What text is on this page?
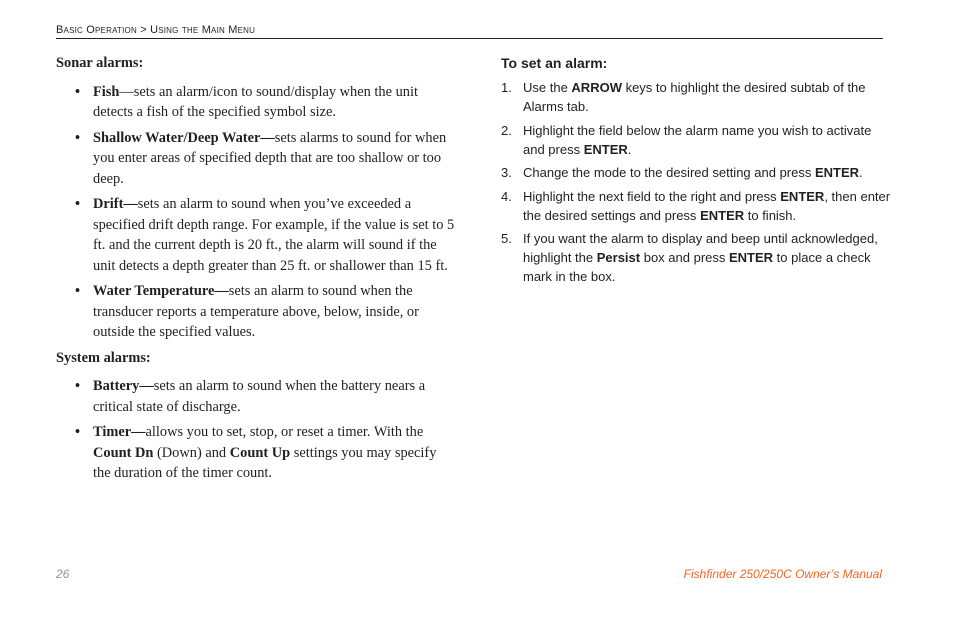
Basic Operation > Using the Main Menu
Sonar alarms:
• Fish—sets an alarm/icon to sound/display when the unit detects a fish of the specified symbol size.
• Shallow Water/Deep Water—sets alarms to sound for when you enter areas of specified depth that are too shallow or too deep.
• Drift—sets an alarm to sound when you’ve exceeded a specified drift depth range. For example, if the value is set to 5 ft. and the current depth is 20 ft., the alarm will sound if the unit detects a depth greater than 25 ft. or shallower than 15 ft.
• Water Temperature—sets an alarm to sound when the transducer reports a temperature above, below, inside, or outside the specified values.
System alarms:
• Battery—sets an alarm to sound when the battery nears a critical state of discharge.
• Timer—allows you to set, stop, or reset a timer. With the Count Dn (Down) and Count Up settings you may specify the duration of the timer count.
To set an alarm:
1. Use the ARROW keys to highlight the desired subtab of the Alarms tab.
2. Highlight the field below the alarm name you wish to activate and press ENTER.
3. Change the mode to the desired setting and press ENTER.
4. Highlight the next field to the right and press ENTER, then enter the desired settings and press ENTER to finish.
5. If you want the alarm to display and beep until acknowledged, highlight the Persist box and press ENTER to place a check mark in the box.
26	Fishfinder 250/250C Owner’s Manual
